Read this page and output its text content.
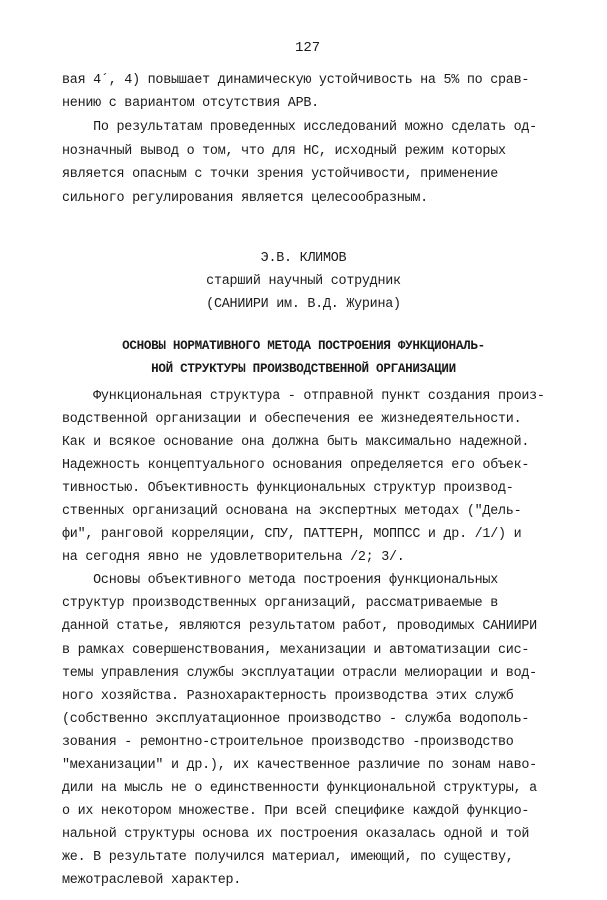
127
вая 4´, 4) повышает динамическую устойчивость на 5% по срав-
нению с вариантом отсутствия АРВ.
По результатам проведенных исследований можно сделать од-
нозначный вывод о том, что для НС, исходный режим которых
является опасным с точки зрения устойчивости, применение
сильного регулирования является целесообразным.
Э.В. КЛИМОВ
старший научный сотрудник
(САНИИРИ им. В.Д. Журина)
ОСНОВЫ НОРМАТИВНОГО МЕТОДА ПОСТРОЕНИЯ ФУНКЦИОНАЛЬ-
НОЙ СТРУКТУРЫ ПРОИЗВОДСТВЕННОЙ ОРГАНИЗАЦИИ
Функциональная структура - отправной пункт создания произ-
водственной организации и обеспечения ее жизнедеятельности.
Как и всякое основание она должна быть максимально надежной.
Надежность концептуального основания определяется его объек-
тивностью. Объективность функциональных структур производ-
ственных организаций основана на экспертных методах ("Дель-
фи", ранговой корреляции, СПУ, ПАТТЕРН, МОППСС и др. /1/) и
на сегодня явно не удовлетворительна /2; 3/.
Основы объективного метода построения функциональных
структур производственных организаций, рассматриваемые в
данной статье, являются результатом работ, проводимых САНИИРИ
в рамках совершенствования, механизации и автоматизации сис-
темы управления службы эксплуатации отрасли мелиорации и вод-
ного хозяйства. Разнохарактерность производства этих служб
(собственно эксплуатационное производство - служба водополь-
зования - ремонтно-строительное производство -производство
"механизации" и др.), их качественное различие по зонам наво-
дили на мысль не о единственности функциональной структуры, а
о их некотором множестве. При всей специфике каждой функцио-
нальной структуры основа их построения оказалась одной и той
же. В результате получился материал, имеющий, по существу,
межотраслевой характер.
